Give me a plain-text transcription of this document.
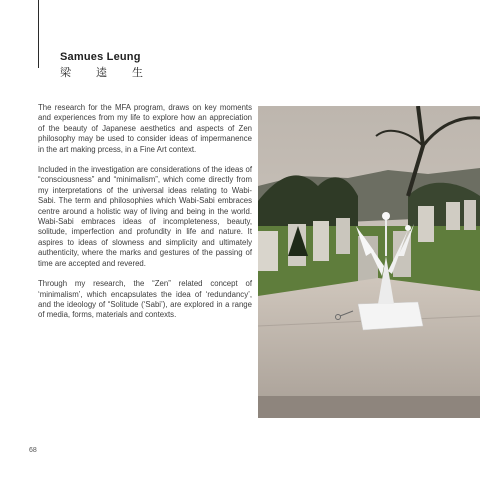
Samues Leung

梁逵生

The research for the MFA program, draws on key moments and experiences from my life to explore how an appreciation of the beauty of Japanese aesthetics and aspects of Zen philosophy may be used to consider ideas of impermanence in the art making prcess, in a Fine Art context.

Included in the investigation are considerations of the ideas of “consciousness” and “minimalism”, which come directly from my interpretations of the universal ideas relating to Wabi-Sabi. The term and philosophies which Wabi-Sabi embraces centre around a holistic way of living and being in the world. Wabi-Sabi embraces ideas of incompleteness, beauty, solitude, imperfection and profundity in life and nature. It aspires to ideas of slowness and simplicity and ultimately authenticity, where the marks and gestures of the passing of time are accepted and revered.

Through my research, the “Zen” related concept of ‘minimalism’, which encapsulates the idea of ‘redundancy’, and the ideology of “Solitude (‘Sabi’), are explored in a range of media, forms, materials and contexts.

68
